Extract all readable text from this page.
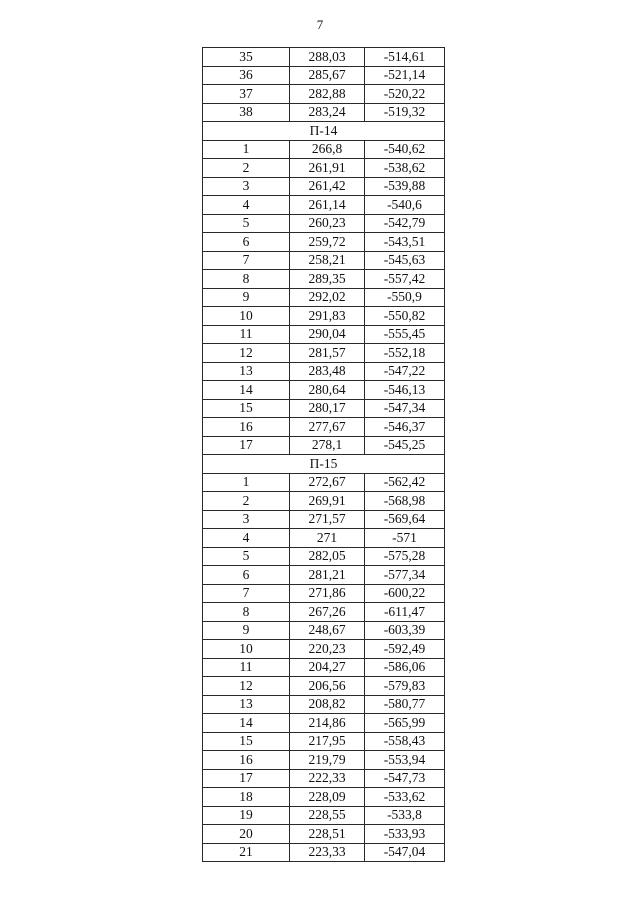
7
35	288,03	-514,61
36	285,67	-521,14
37	282,88	-520,22
38	283,24	-519,32
П-14		
1	266,8	-540,62
2	261,91	-538,62
3	261,42	-539,88
4	261,14	-540,6
5	260,23	-542,79
6	259,72	-543,51
7	258,21	-545,63
8	289,35	-557,42
9	292,02	-550,9
10	291,83	-550,82
11	290,04	-555,45
12	281,57	-552,18
13	283,48	-547,22
14	280,64	-546,13
15	280,17	-547,34
16	277,67	-546,37
17	278,1	-545,25
П-15		
1	272,67	-562,42
2	269,91	-568,98
3	271,57	-569,64
4	271	-571
5	282,05	-575,28
6	281,21	-577,34
7	271,86	-600,22
8	267,26	-611,47
9	248,67	-603,39
10	220,23	-592,49
11	204,27	-586,06
12	206,56	-579,83
13	208,82	-580,77
14	214,86	-565,99
15	217,95	-558,43
16	219,79	-553,94
17	222,33	-547,73
18	228,09	-533,62
19	228,55	-533,8
20	228,51	-533,93
21	223,33	-547,04
